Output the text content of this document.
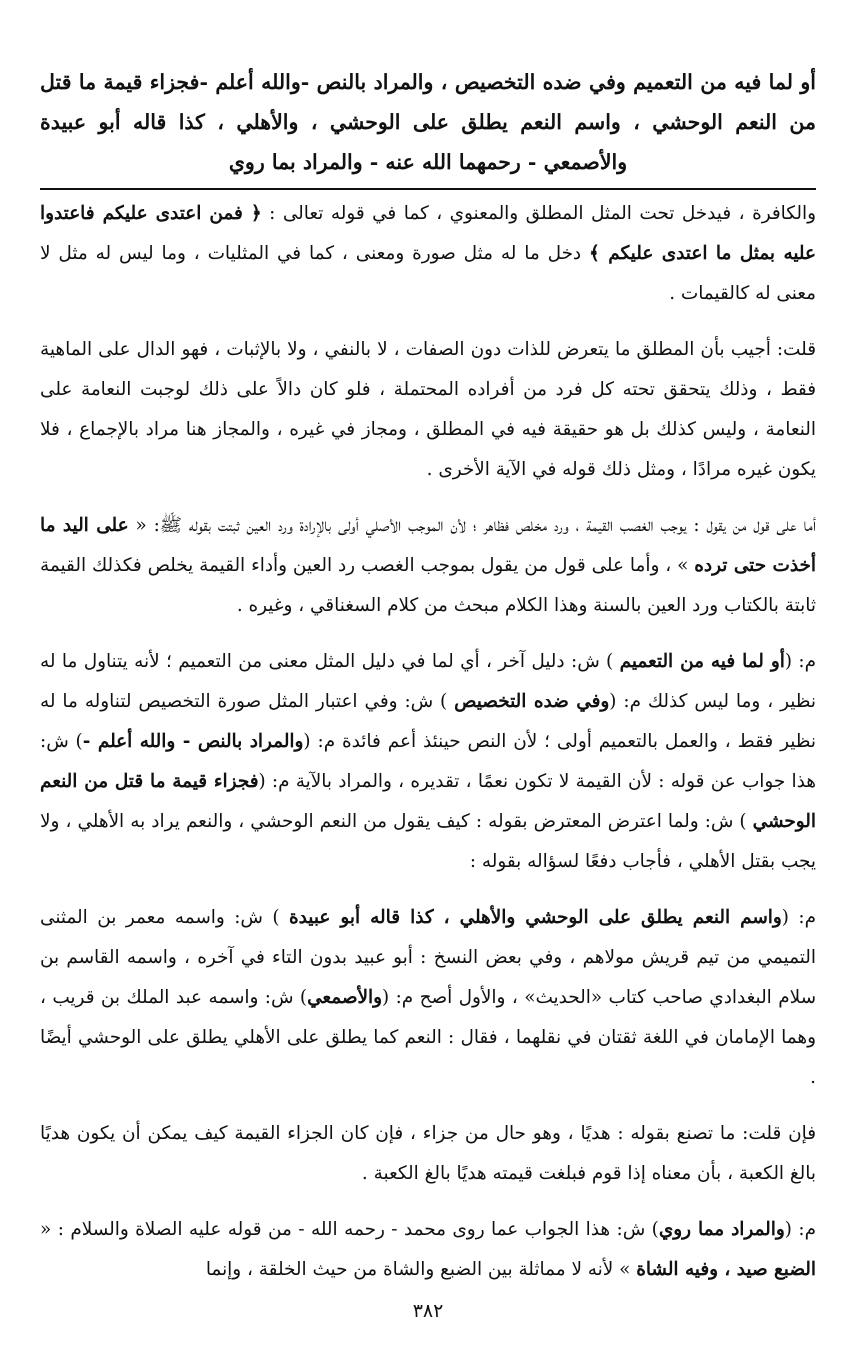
أو لما فيه من التعميم وفي ضده التخصيص ، والمراد بالنص -والله أعلم -فجزاء قيمة ما قتل من النعم الوحشي ، واسم النعم يطلق على الوحشي ، والأهلي ، كذا قاله أبو عبيدة والأصمعي - رحمهما الله عنه - والمراد بما روي

والكافرة ، فيدخل تحت المثل المطلق والمعنوي ، كما في قوله تعالى : ﴿ فمن اعتدى عليكم فاعتدوا عليه بمثل ما اعتدى عليكم ﴾ دخل ما له مثل صورة ومعنى ، كما في المثليات ، وما ليس له مثل لا معنى له كالقيمات .

قلت: أجيب بأن المطلق ما يتعرض للذات دون الصفات ، لا بالنفي ، ولا بالإثبات ، فهو الدال على الماهية فقط ، وذلك يتحقق تحته كل فرد من أفراده المحتملة ، فلو كان دالاً على ذلك لوجبت النعامة على النعامة ، وليس كذلك بل هو حقيقة فيه في المطلق ، ومجاز في غيره ، والمجاز هنا مراد بالإجماع ، فلا يكون غيره مرادًا ، ومثل ذلك قوله في الآية الأخرى .

أما على قول من يقول : يوجب الغصب القيمة ، ورد مخلص فظاهر ؛ لأن الموجب الأصلي أولى بالإرادة ورد العين ثبتت بقوله ﷺ: « على اليد ما أخذت حتى ترده » ، وأما على قول من يقول بموجب الغصب رد العين وأداء القيمة يخلص فكذلك القيمة ثابتة بالكتاب ورد العين بالسنة وهذا الكلام مبحث من كلام السغناقي ، وغيره .

م: (أو لما فيه من التعميم ) ش: دليل آخر ، أي لما في دليل المثل معنى من التعميم ؛ لأنه يتناول ما له نظير ، وما ليس كذلك م: (وفي ضده التخصيص ) ش: وفي اعتبار المثل صورة التخصيص لتناوله ما له نظير فقط ، والعمل بالتعميم أولى ؛ لأن النص حينئذ أعم فائدة م: (والمراد بالنص - والله أعلم -) ش: هذا جواب عن قوله : لأن القيمة لا تكون نعمًا ، تقديره ، والمراد بالآية م: (فجزاء قيمة ما قتل من النعم الوحشي ) ش: ولما اعترض المعترض بقوله : كيف يقول من النعم الوحشي ، والنعم يراد به الأهلي ، ولا يجب بقتل الأهلي ، فأجاب دفعًا لسؤاله بقوله :

م: (واسم النعم يطلق على الوحشي والأهلي ، كذا قاله أبو عبيدة ) ش: واسمه معمر بن المثنى التميمي من تيم قريش مولاهم ، وفي بعض النسخ : أبو عبيد بدون التاء في آخره ، واسمه القاسم بن سلام البغدادي صاحب كتاب «الحديث» ، والأول أصح م: (والأصمعي) ش: واسمه عبد الملك بن قريب ، وهما الإمامان في اللغة ثقتان في نقلهما ، فقال : النعم كما يطلق على الأهلي يطلق على الوحشي أيضًا .

فإن قلت: ما تصنع بقوله : هديًا ، وهو حال من جزاء ، فإن كان الجزاء القيمة كيف يمكن أن يكون هديًا بالغ الكعبة ، بأن معناه إذا قوم فبلغت قيمته هديًا بالغ الكعبة .

م: (والمراد مما روي) ش: هذا الجواب عما روى محمد - رحمه الله - من قوله عليه الصلاة والسلام : « الضبع صيد ، وفيه الشاة » لأنه لا مماثلة بين الضبع والشاة من حيث الخلقة ، وإنما

٣٨٢
